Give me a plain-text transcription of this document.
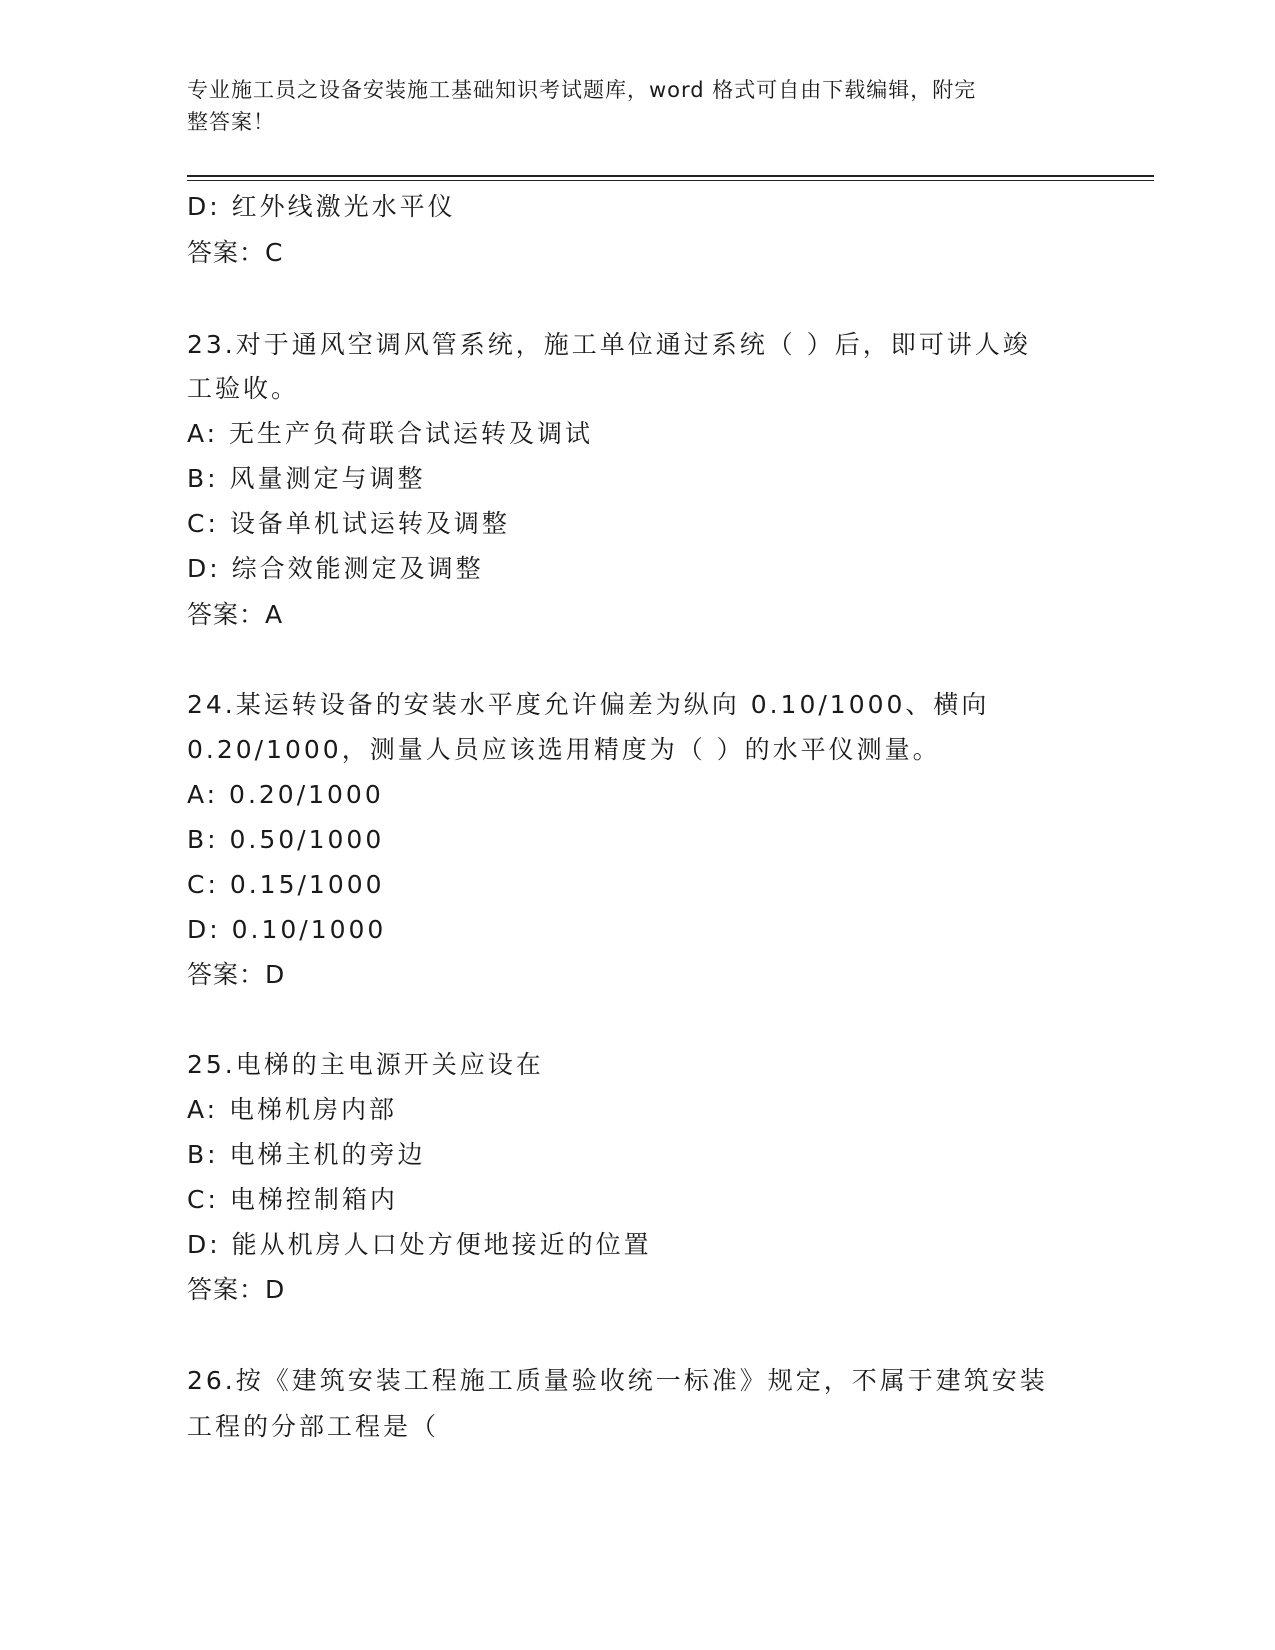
专业施工员之设备安装施工基础知识考试题库，word 格式可自由下载编辑，附完
整答案！
D: 红外线激光水平仪
答案：C
23.对于通风空调风管系统，施工单位通过系统（ ）后，即可讲人竣
工验收。
A: 无生产负荷联合试运转及调试
B: 风量测定与调整
C: 设备单机试运转及调整
D: 综合效能测定及调整
答案：A
24.某运转设备的安装水平度允许偏差为纵向 0.10/1000、横向
0.20/1000，测量人员应该选用精度为（ ）的水平仪测量。
A: 0.20/1000
B: 0.50/1000
C: 0.15/1000
D: 0.10/1000
答案：D
25.电梯的主电源开关应设在
A: 电梯机房内部
B: 电梯主机的旁边
C: 电梯控制箱内
D: 能从机房人口处方便地接近的位置
答案：D
26.按《建筑安装工程施工质量验收统一标准》规定，不属于建筑安装
工程的分部工程是（
